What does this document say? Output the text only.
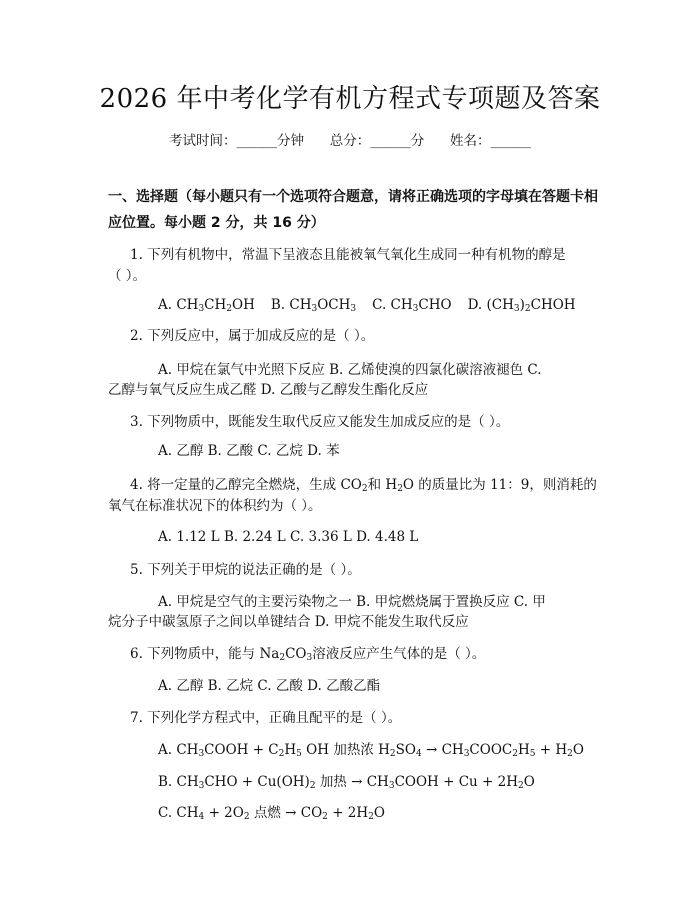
2026 年中考化学有机方程式专项题及答案
考试时间：______分钟      总分：______分      姓名：______
一、选择题（每小题只有一个选项符合题意，请将正确选项的字母填在答题卡相
应位置。每小题 2 分，共 16 分）
1. 下列有机物中，常温下呈液态且能被氧气氧化生成同一种有机物的醇是
（ ）。
A. $CH_3CH_2OH$ B. $CH_3OCH_3$ C. $CH_3CHO$ D. $(CH_3)_2CHOH$
2. 下列反应中，属于加成反应的是（ ）。
A. 甲烷在氯气中光照下反应 B. 乙烯使溴的四氯化碳溶液褪色 C.
乙醇与氧气反应生成乙醛 D. 乙酸与乙醇发生酯化反应
3. 下列物质中，既能发生取代反应又能发生加成反应的是（ ）。
A. 乙醇 B. 乙酸 C. 乙烷 D. 苯
4. 将一定量的乙醇完全燃烧，生成 $CO_2$和 $H_2O$ 的质量比为 11：9，则消耗的
氧气在标准状况下的体积约为（ ）。
A. 1.12 L B. 2.24 L C. 3.36 L D. 4.48 L
5. 下列关于甲烷的说法正确的是（ ）。
A. 甲烷是空气的主要污染物之一 B. 甲烷燃烧属于置换反应 C. 甲
烷分子中碳氢原子之间以单键结合 D. 甲烷不能发生取代反应
6. 下列物质中，能与 $Na_2CO_3$溶液反应产生气体的是（ ）。
A. 乙醇 B. 乙烷 C. 乙酸 D. 乙酸乙酯
7. 下列化学方程式中，正确且配平的是（ ）。
A. $CH_3COOH + C_2H_5$ OH 加热浓 $H_2SO_4$ → $CH_3COOC_2H_5 + H_2O$
B. $CH_3CHO + Cu(OH)_2$ 加热 → $CH_3COOH + Cu + 2H_2O$
C. $CH_4 + 2O_2$ 点燃 → $CO_2 + 2H_2O$
